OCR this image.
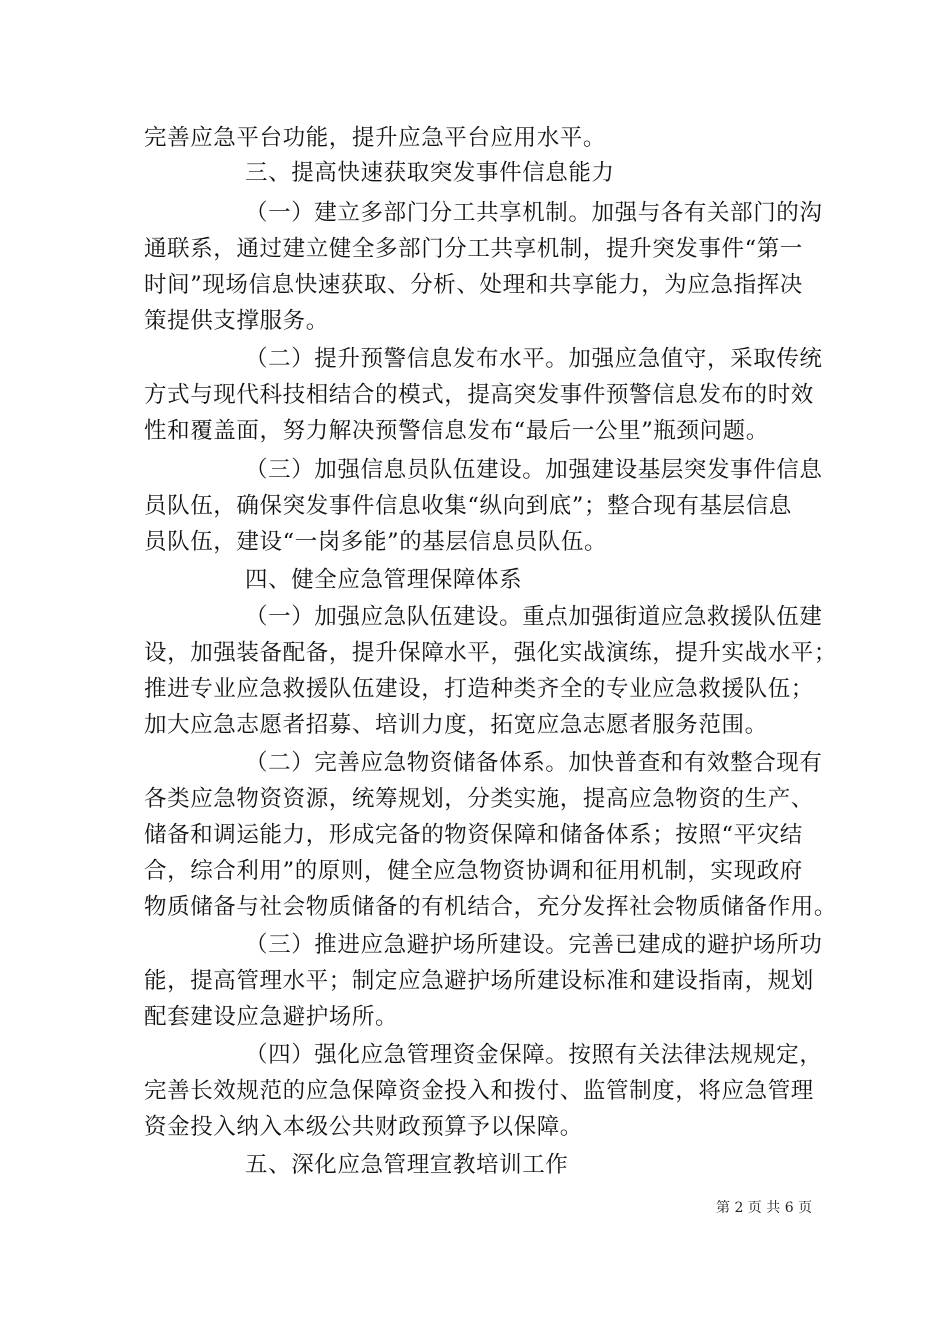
完善应急平台功能，提升应急平台应用水平。
三、提高快速获取突发事件信息能力
（一）建立多部门分工共享机制。加强与各有关部门的沟
通联系，通过建立健全多部门分工共享机制，提升突发事件“第一
时间”现场信息快速获取、分析、处理和共享能力，为应急指挥决
策提供支撑服务。
（二）提升预警信息发布水平。加强应急值守，采取传统
方式与现代科技相结合的模式，提高突发事件预警信息发布的时效
性和覆盖面，努力解决预警信息发布“最后一公里”瓶颈问题。
（三）加强信息员队伍建设。加强建设基层突发事件信息
员队伍，确保突发事件信息收集“纵向到底”；整合现有基层信息
员队伍，建设“一岗多能”的基层信息员队伍。
四、健全应急管理保障体系
（一）加强应急队伍建设。重点加强街道应急救援队伍建
设，加强装备配备，提升保障水平，强化实战演练，提升实战水平；
推进专业应急救援队伍建设，打造种类齐全的专业应急救援队伍；
加大应急志愿者招募、培训力度，拓宽应急志愿者服务范围。
（二）完善应急物资储备体系。加快普查和有效整合现有
各类应急物资资源，统筹规划，分类实施，提高应急物资的生产、
储备和调运能力，形成完备的物资保障和储备体系；按照“平灾结
合，综合利用”的原则，健全应急物资协调和征用机制，实现政府
物质储备与社会物质储备的有机结合，充分发挥社会物质储备作用。
（三）推进应急避护场所建设。完善已建成的避护场所功
能，提高管理水平；制定应急避护场所建设标准和建设指南，规划
配套建设应急避护场所。
（四）强化应急管理资金保障。按照有关法律法规规定，
完善长效规范的应急保障资金投入和拨付、监管制度，将应急管理
资金投入纳入本级公共财政预算予以保障。
五、深化应急管理宣教培训工作
第 2 页 共 6 页
